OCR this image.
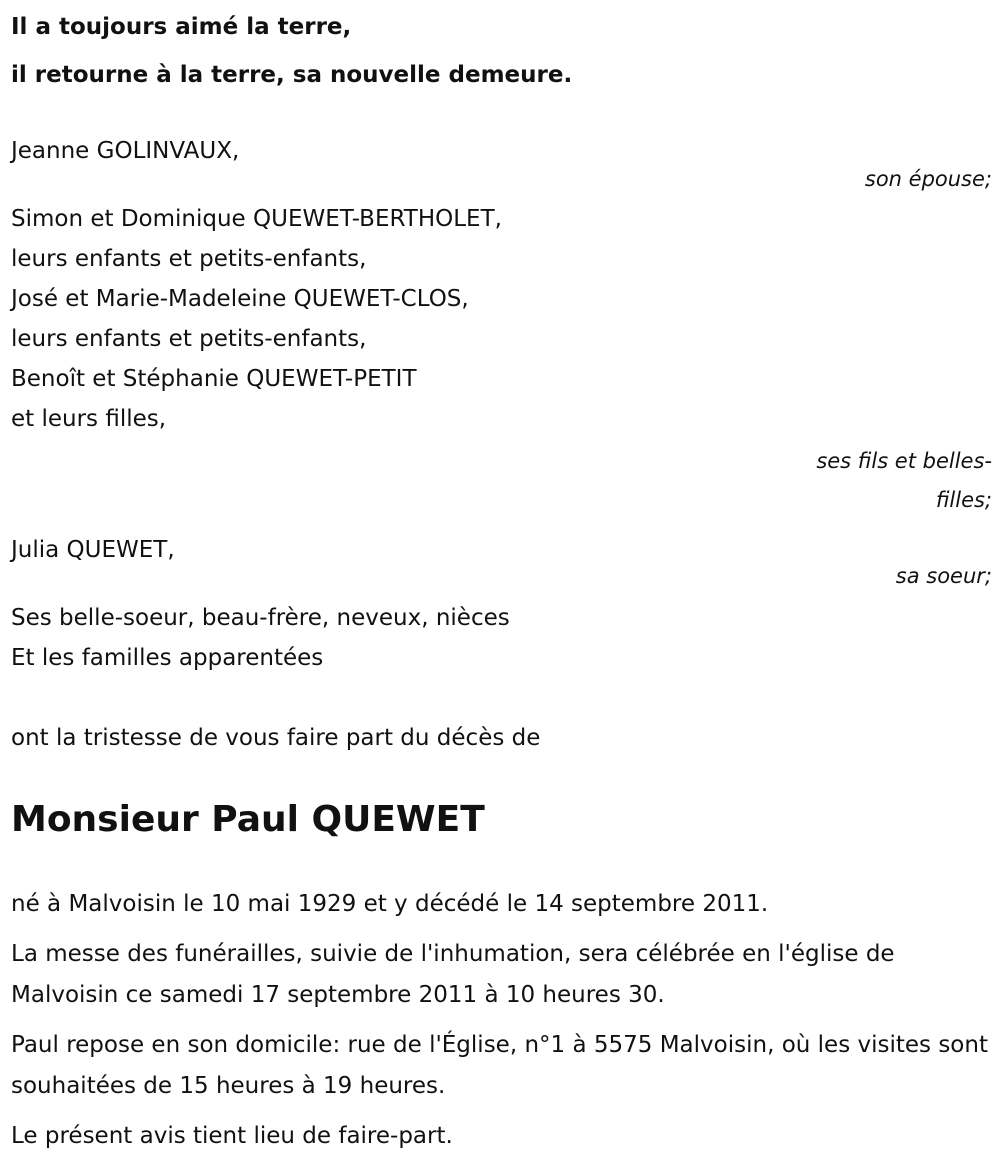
Il a toujours aimé la terre,
il retourne à la terre, sa nouvelle demeure.
Jeanne GOLINVAUX,
son épouse;
Simon et Dominique QUEWET-BERTHOLET,
leurs enfants et petits-enfants,
José et Marie-Madeleine QUEWET-CLOS,
leurs enfants et petits-enfants,
Benoît et Stéphanie QUEWET-PETIT
et leurs filles,
ses fils et belles-filles;
Julia QUEWET,
sa soeur;
Ses belle-soeur, beau-frère, neveux, nièces
Et les familles apparentées
ont la tristesse de vous faire part du décès de
Monsieur Paul QUEWET

né à Malvoisin le 10 mai 1929 et y décédé le 14 septembre 2011.

La messe des funérailles, suivie de l'inhumation, sera célébrée en l'église de Malvoisin ce samedi 17 septembre 2011 à 10 heures 30.

Paul repose en son domicile: rue de l'Église, n°1 à 5575 Malvoisin, où les visites sont souhaitées de 15 heures à 19 heures.

Le présent avis tient lieu de faire-part.
